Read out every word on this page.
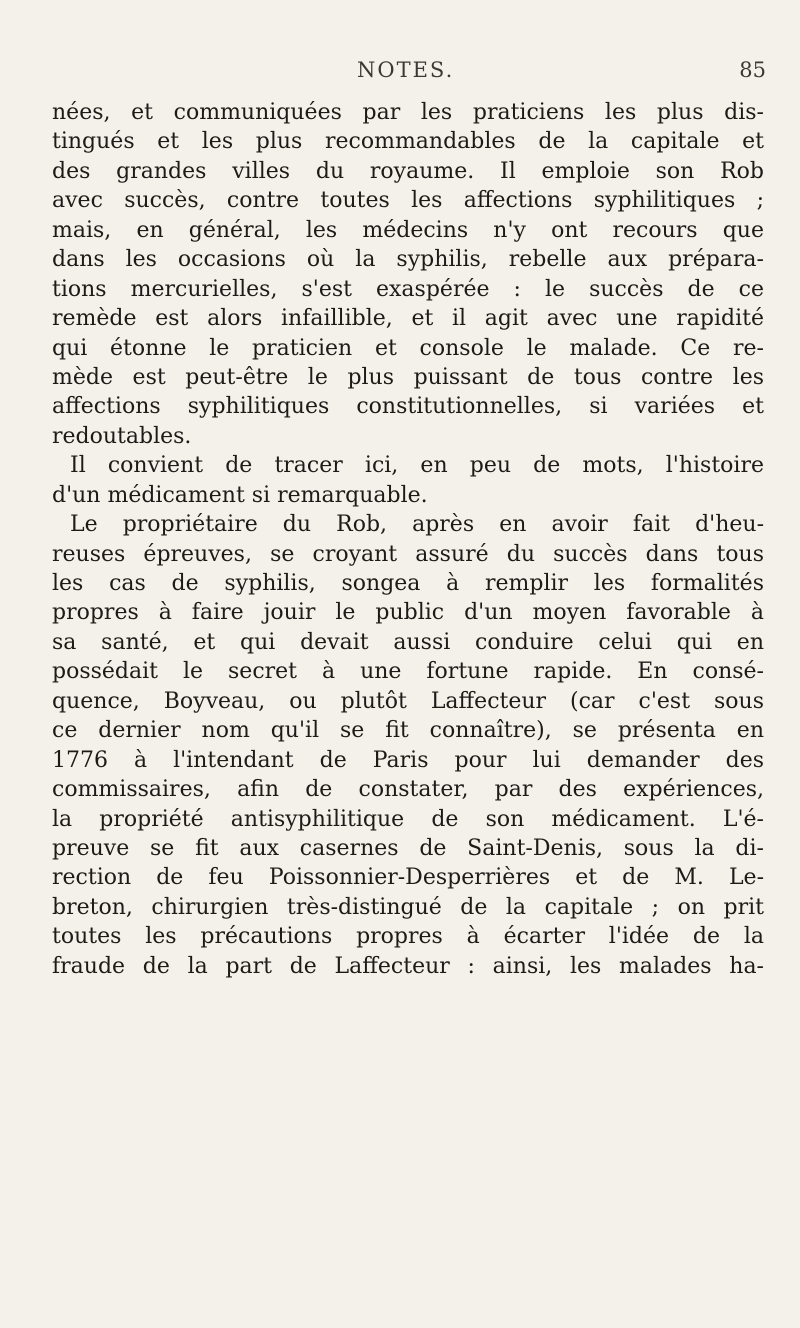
NOTES.	85
nées, et communiquées par les praticiens les plus dis-
tingués et les plus recommandables de la capitale et
des grandes villes du royaume. Il emploie son Rob
avec succès, contre toutes les affections syphilitiques ;
mais, en général, les médecins n'y ont recours que
dans les occasions où la syphilis, rebelle aux prépara-
tions mercurielles, s'est exaspérée : le succès de ce
remède est alors infaillible, et il agit avec une rapidité
qui étonne le praticien et console le malade. Ce re-
mède est peut-être le plus puissant de tous contre les
affections syphilitiques constitutionnelles, si variées et
redoutables.
Il convient de tracer ici, en peu de mots, l'histoire
d'un médicament si remarquable.
Le propriétaire du Rob, après en avoir fait d'heu-
reuses épreuves, se croyant assuré du succès dans tous
les cas de syphilis, songea à remplir les formalités
propres à faire jouir le public d'un moyen favorable à
sa santé, et qui devait aussi conduire celui qui en
possédait le secret à une fortune rapide. En consé-
quence, Boyveau, ou plutôt Laffecteur (car c'est sous
ce dernier nom qu'il se fit connaître), se présenta en
1776 à l'intendant de Paris pour lui demander des
commissaires, afin de constater, par des expériences,
la propriété antisyphilitique de son médicament. L'é-
preuve se fit aux casernes de Saint-Denis, sous la di-
rection de feu Poissonnier-Desperrières et de M. Le-
breton, chirurgien très-distingué de la capitale ; on prit
toutes les précautions propres à écarter l'idée de la
fraude de la part de Laffecteur : ainsi, les malades ha-
